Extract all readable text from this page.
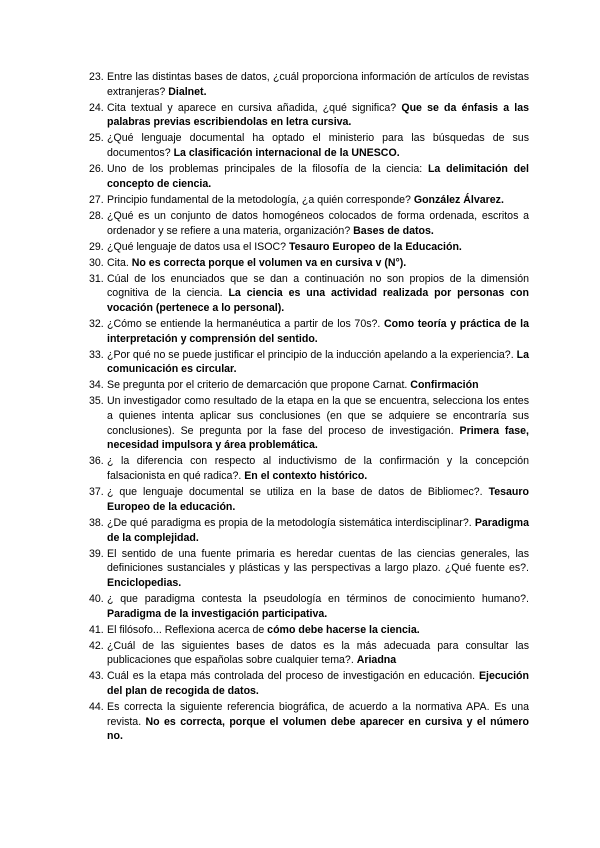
23. Entre las distintas bases de datos, ¿cuál proporciona información de artículos de revistas extranjeras? Dialnet.
24. Cita textual y aparece en cursiva añadida, ¿qué significa? Que se da énfasis a las palabras previas escribiendolas en letra cursiva.
25. ¿Qué lenguaje documental ha optado el ministerio para las búsquedas de sus documentos? La clasificación internacional de la UNESCO.
26. Uno de los problemas principales de la filosofía de la ciencia: La delimitación del concepto de ciencia.
27. Principio fundamental de la metodología, ¿a quién corresponde? González Álvarez.
28. ¿Qué es un conjunto de datos homogéneos colocados de forma ordenada, escritos a ordenador y se refiere a una materia, organización? Bases de datos.
29. ¿Qué lenguaje de datos usa el ISOC? Tesauro Europeo de la Educación.
30. Cita. No es correcta porque el volumen va en cursiva v (N°).
31. Cúal de los enunciados que se dan a continuación no son propios de la dimensión cognitiva de la ciencia. La ciencia es una actividad realizada por personas con vocación (pertenece a lo personal).
32. ¿Cómo se entiende la hermanéutica a partir de los 70s?. Como teoría y práctica de la interpretación y comprensión del sentido.
33. ¿Por qué no se puede justificar el principio de la inducción apelando a la experiencia?. La comunicación es circular.
34. Se pregunta por el criterio de demarcación que propone Carnat. Confirmación
35. Un investigador como resultado de la etapa en la que se encuentra, selecciona los entes a quienes intenta aplicar sus conclusiones (en que se adquiere se encontraría sus conclusiones). Se pregunta por la fase del proceso de investigación. Primera fase, necesidad impulsora y área problemática.
36. ¿ la diferencia con respecto al inductivismo de la confirmación y la concepción falsacionista en qué radica?. En el contexto histórico.
37. ¿ que lenguaje documental se utiliza en la base de datos de Bibliomec?. Tesauro Europeo de la educación.
38. ¿De qué paradigma es propia de la metodología sistemática interdisciplinar?. Paradigma de la complejidad.
39. El sentido de una fuente primaria es heredar cuentas de las ciencias generales, las definiciones sustanciales y plásticas y las perspectivas a largo plazo. ¿Qué fuente es?. Enciclopedias.
40. ¿ que paradigma contesta la pseudología en términos de conocimiento humano?. Paradigma de la investigación participativa.
41. El filósofo... Reflexiona acerca de cómo debe hacerse la ciencia.
42. ¿Cuál de las siguientes bases de datos es la más adecuada para consultar las publicaciones que españolas sobre cualquier tema?. Ariadna
43. Cuál es la etapa más controlada del proceso de investigación en educación. Ejecución del plan de recogida de datos.
44. Es correcta la siguiente referencia biográfica, de acuerdo a la normativa APA. Es una revista. No es correcta, porque el volumen debe aparecer en cursiva y el número no.
